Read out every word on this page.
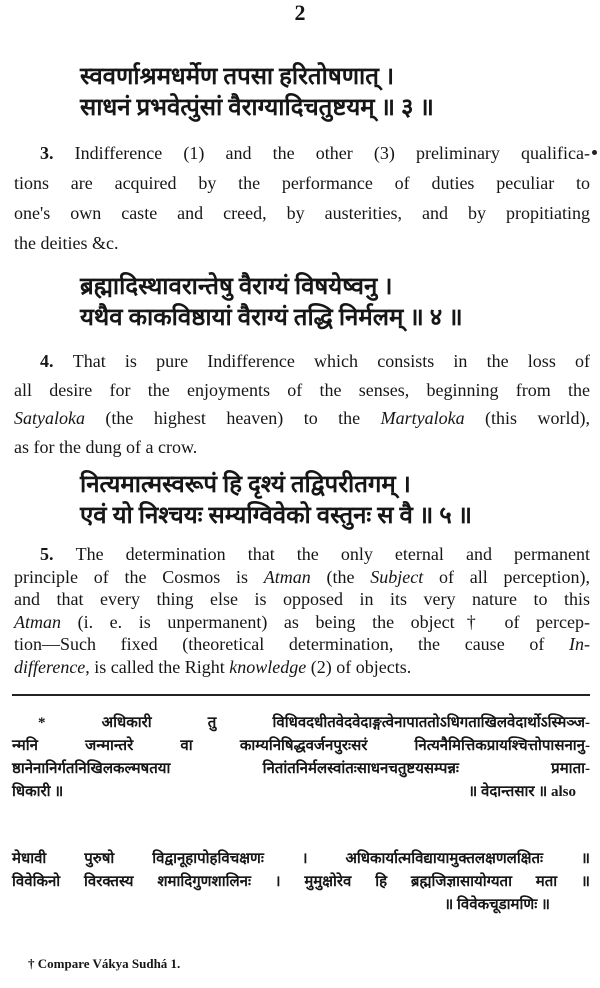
2
स्ववर्णाश्रमधर्मेण तपसा हरितोषणात् ।
साधनं प्रभवेत्पुंसां वैराग्यादिचतुष्टयम् ॥ ३ ॥
3. Indifference (1) and the other (3) preliminary qualifica-
tions are acquired by the performance of duties peculiar to
one's own caste and creed, by austerities, and by propitiating
the deities &c.
ब्रह्मादिस्थावरान्तेषु वैराग्यं विषयेष्वनु ।
यथैव काकविष्ठायां वैराग्यं तद्धि निर्मलम् ॥ ४ ॥
4. That is pure Indifference which consists in the loss of
all desire for the enjoyments of the senses, beginning from the
Satyaloka (the highest heaven) to the Martyaloka (this world),
as for the dung of a crow.
नित्यमात्मस्वरूपं हि दृश्यं तद्विपरीतगम् ।
एवं यो निश्चयः सम्यग्विवेको वस्तुनः स वै ॥ ५ ॥
5. The determination that the only eternal and permanent
principle of the Cosmos is Atman (the Subject of all perception),
and that every thing else is opposed in its very nature to this
Atman (i. e. is unpermanent) as being the object† of percep-
tion—Such fixed (theoretical determination, the cause of In-
difference, is called the Right knowledge (2) of objects.
* अधिकारी तु विधिवदधीतवेदवेदाङ्गत्वेनापाततोऽधिगताखिलवेदार्थोऽस्मिञ्ज-
न्मनि जन्मान्तरे वा काम्यनिषिद्धवर्जनपुरःसरं नित्यनैमित्तिकप्रायश्चित्तोपासनानु-
ष्ठानेनानिर्गतनिखिलकल्मषतया नितांतनिर्मलस्वांतःसाधनचतुष्टयसम्पन्नः प्रमाता-
धिकारी ॥	॥ वेदान्तसार ॥ also
मेधावी पुरुषो विद्वानूहापोहविचक्षणः । अधिकार्यात्मविद्यायामुक्तलक्षणलक्षितः ॥
विवेकिनो विरक्तस्य शमादिगुणशालिनः । मुमुक्षोरेव हि ब्रह्मजिज्ञासायोग्यता मता ॥
॥ विवेकचूडामणिः ॥
† Compare Vákya Sudhá 1.
